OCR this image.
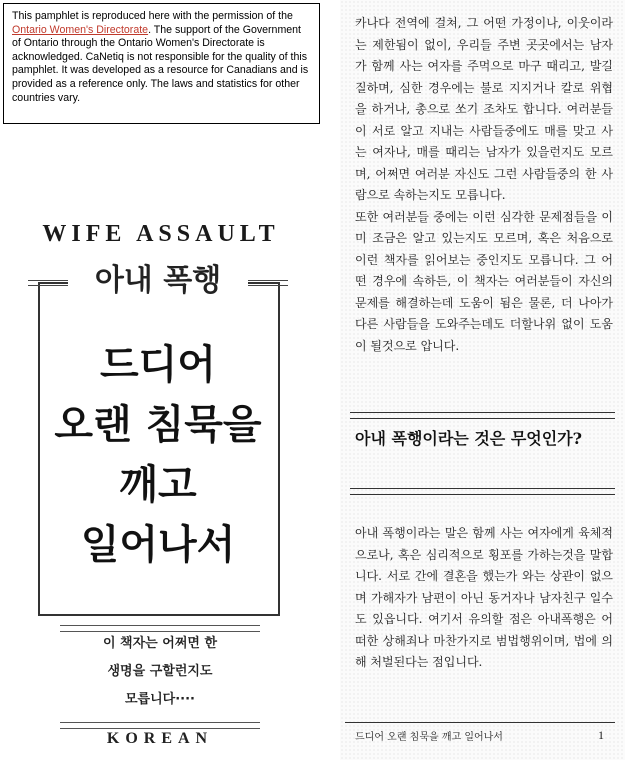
This pamphlet is reproduced here with the permission of the Ontario Women's Directorate. The support of the Government of Ontario through the Ontario Women's Directorate is acknowledged. CaNetiq is not responsible for the quality of this pamphlet. It was developed as a resource for Canadians and is provided as a reference only. The laws and statistics for other countries vary.
WIFE ASSAULT
아내 폭행
드디어
오랜 침묵을
깨고
일어나서
이 책자는 어쩌면 한
생명을 구할런지도
모릅니다····
KOREAN
카나다 전역에 걸쳐, 그 어떤 가정이나, 이웃이라는 제한됨이 없이, 우리들 주변 곳곳에서는 남자가 함께 사는 여자를 주먹으로 마구 때리고, 발길질하며, 심한 경우에는 불로 지지거나 칼로 위협을 하거나, 총으로 쏘기 조차도 합니다. 여러분들이 서로 알고 지내는 사람들중에도 매를 맞고 사는 여자나, 매를 때리는 남자가 있을런지도 모르며, 어쩌면 여러분 자신도 그런 사람들중의 한 사람으로 속하는지도 모릅니다.
또한 여러분들 중에는 이런 심각한 문제점들을 이미 조금은 알고 있는지도 모르며, 혹은 처음으로 이런 책자를 읽어보는 중인지도 모릅니다. 그 어떤 경우에 속하든, 이 책자는 여러분들이 자신의 문제를 해결하는데 도움이 됨은 물론, 더 나아가 다른 사람들을 도와주는데도 더할나위 없이 도움이 될것으로 압니다.
아내 폭행이라는 것은 무엇인가?
아내 폭행이라는 말은 함께 사는 여자에게 육체적으로나, 혹은 심리적으로 횡포를 가하는것을 말합니다. 서로 간에 결혼을 했는가 와는 상관이 없으며 가해자가 남편이 아닌 동거자나 남자친구 일수도 있읍니다. 여기서 유의할 점은 아내폭행은 어떠한 상해죄나 마찬가지로 범법행위이며, 법에 의해 처벌된다는 점입니다.
드디어 오랜 침묵을 깨고 일어나서	1
